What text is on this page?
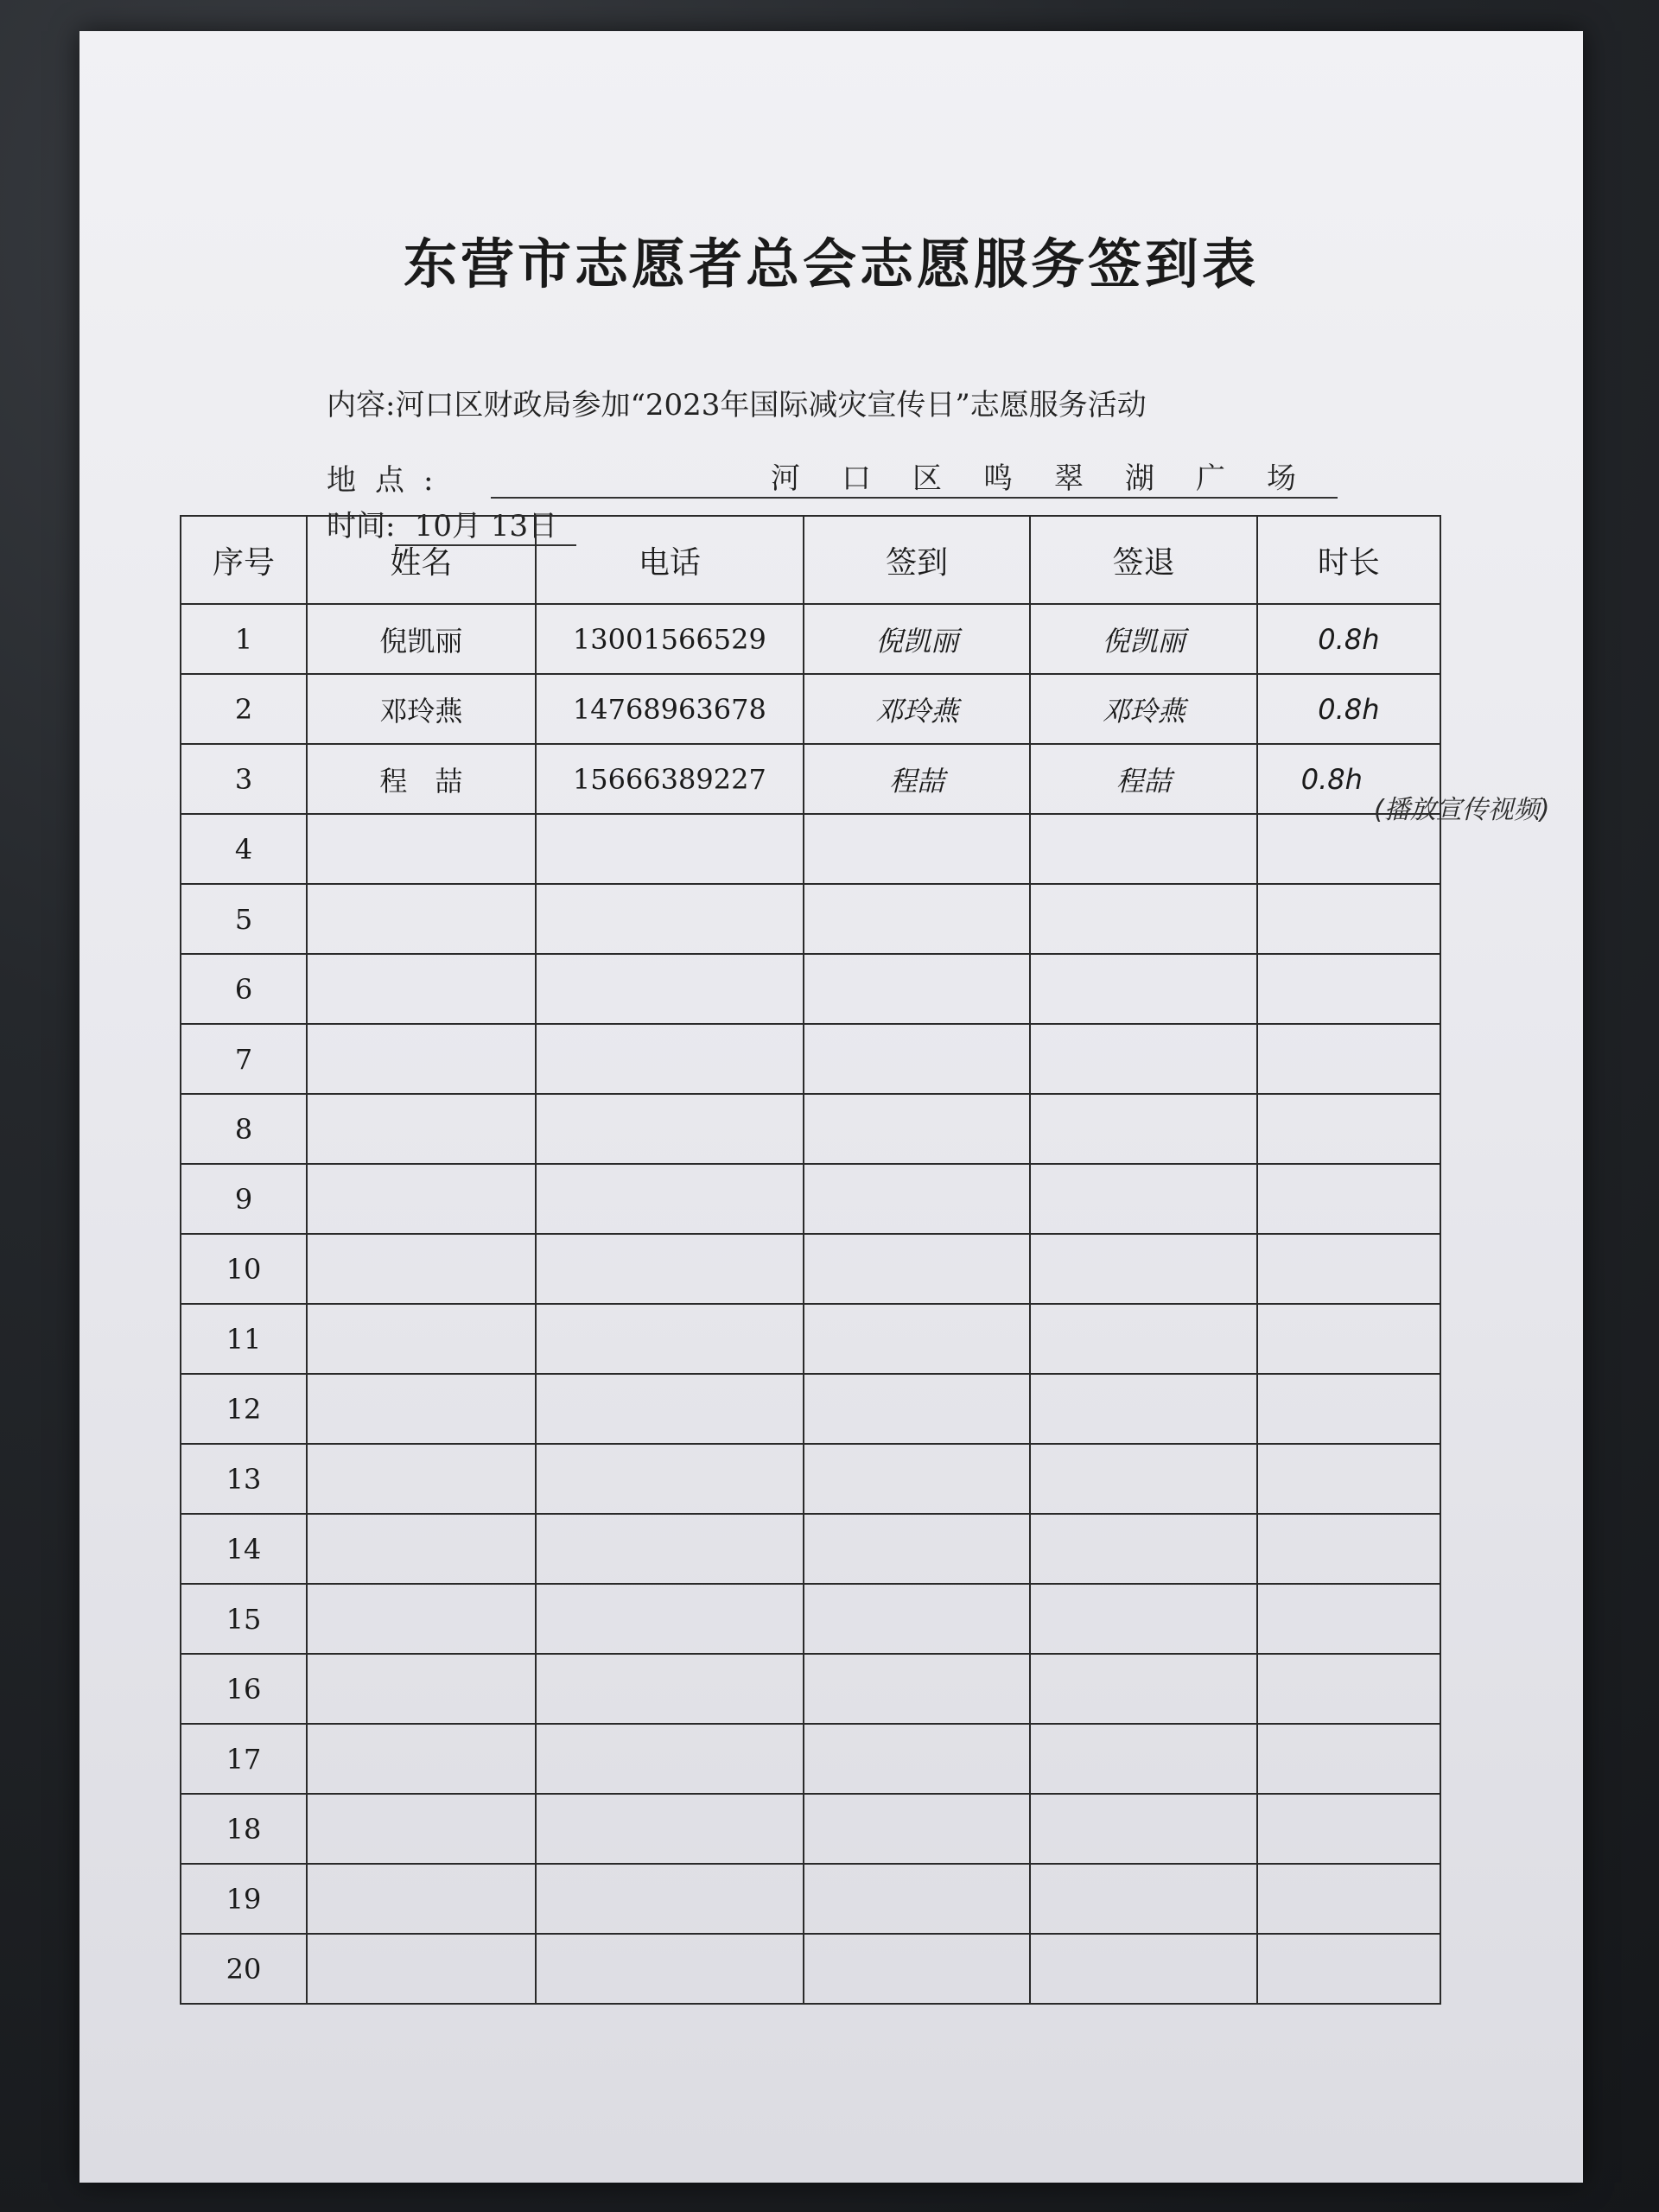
东营市志愿者总会志愿服务签到表
内容:河口区财政局参加“2023年国际减灾宣传日”志愿服务活动
地点:	河口区鸣翠湖广场
时间: 10月 13日
序号	姓名	电话	签到	签退	时长
1	倪凯丽	13001566529	倪凯丽	倪凯丽	0.8h
2	邓玲燕	14768963678	邓玲燕	邓玲燕	0.8h
3	程　喆	15666389227	程喆	程喆	0.8h
4					
5					
6					
7					
8					
9					
10					
11					
12					
13					
14					
15					
16					
17					
18					
19					
20					
(播放宣传视频)
